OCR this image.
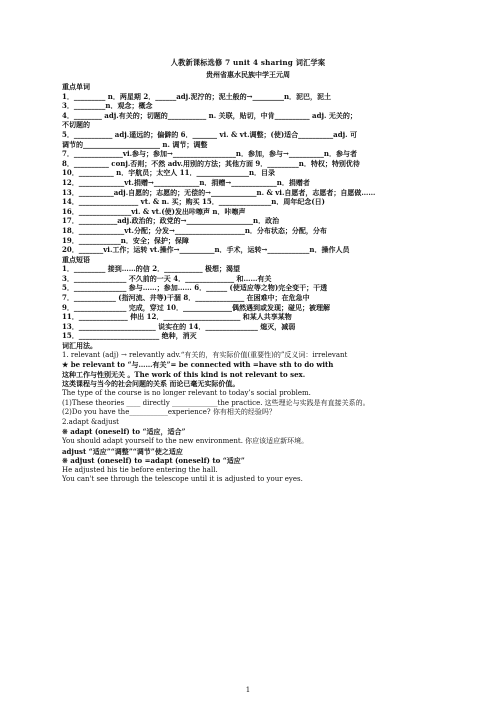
人教新课标选修 7 unit 4 sharing 词汇学案
贵州省惠水民族中学王元周
重点单词
1．_________ n．两星期 2．______adj.泥泞的；泥土般的→_________n．泥巴，泥土
3．_________n．观念；概念
4．________ adj.有关的；切题的___________ n. 关联，贴切，中肯__________ adj. 无关的；
不切题的
5．___________ adj.遥远的；偏僻的 6．_______ vi. & vt.调整；(使)适合__________adj. 可
调节的______________________ n. 调节；调整
7．______________vi.参与；参加→__________________n．参加，参与→__________n．参与者
8．__________ conj.否则；不然 adv.用别的方法；其他方面 9．_________n．特权；特别优待
10．__________ n．宇航员；太空人 11．_______________n．目录
12．_____________vt.捐赠→_____________n．捐赠→_____________n．捐赠者
13．__________adj.自愿的；志愿的；无偿的→_____________n. & vi.自愿者，志愿者；自愿做……
14．_________________ vt. & n. 买；购买 15．_______________n．周年纪念(日)
16．_______________vi. & vt.(使)发出咔嚓声 n．咔嚓声
17．___________adj.政治的；政党的→___________________n．政治
18．_____________vt.分配；分发→____________________n．分布状态；分配，分布
19．____________n．安全；保护；保障
20．_______vi.工作；运转 vt.操作→__________n．手术，运转→____________n．操作人员
重点短语
1．_________ 接到……的信 2．___________ 极想；渴望
3．_______________ 不久前的一天 4．______________ 和……有关
5．_______________ 参与……；参加…… 6．______ (使适应等之物)完全变干；干透
7．____________ (指河流、井等)干涸 8．______________ 在困难中；在危急中
9．_______________ 完成，穿过 10．______________偶然遇到或发现；碰见；被理解
11．______________ 伸出 12．______________________ 和某人共享某物
13．______________________ 说实在的 14．_______________ 熄灭，减弱
15．_______________________ 绝种，消灭
词汇用法。
1. relevant (adj) → relevantly adv.“有关的，有实际价值(重要性)的”反义词：irrelevant
★ be relevant to “与……有关”= be connected with =have sth to do with
这种工作与性别无关 。The work of this kind is not relevant to sex.
这类课程与当今的社会问题的关系 而论已毫无实际价值。
The type of the course is no longer relevant to today’s social problem.
(1)These theories ____ directly _____________the practice. 这些理论与实践是有直接关系的。
(2)Do you have the___________experience? 你有相关的经验吗？
2.adapt &adjust
※ adapt (oneself) to “适应，适合”
You should adapt yourself to the new environment. 你应该适应新环境。
adjust “适应”“调整”“调节”使之适应
※ adjust (oneself) to =adapt (oneself) to “适应”
He adjusted his tie before entering the hall.
You can't see through the telescope until it is adjusted to your eyes.
1
